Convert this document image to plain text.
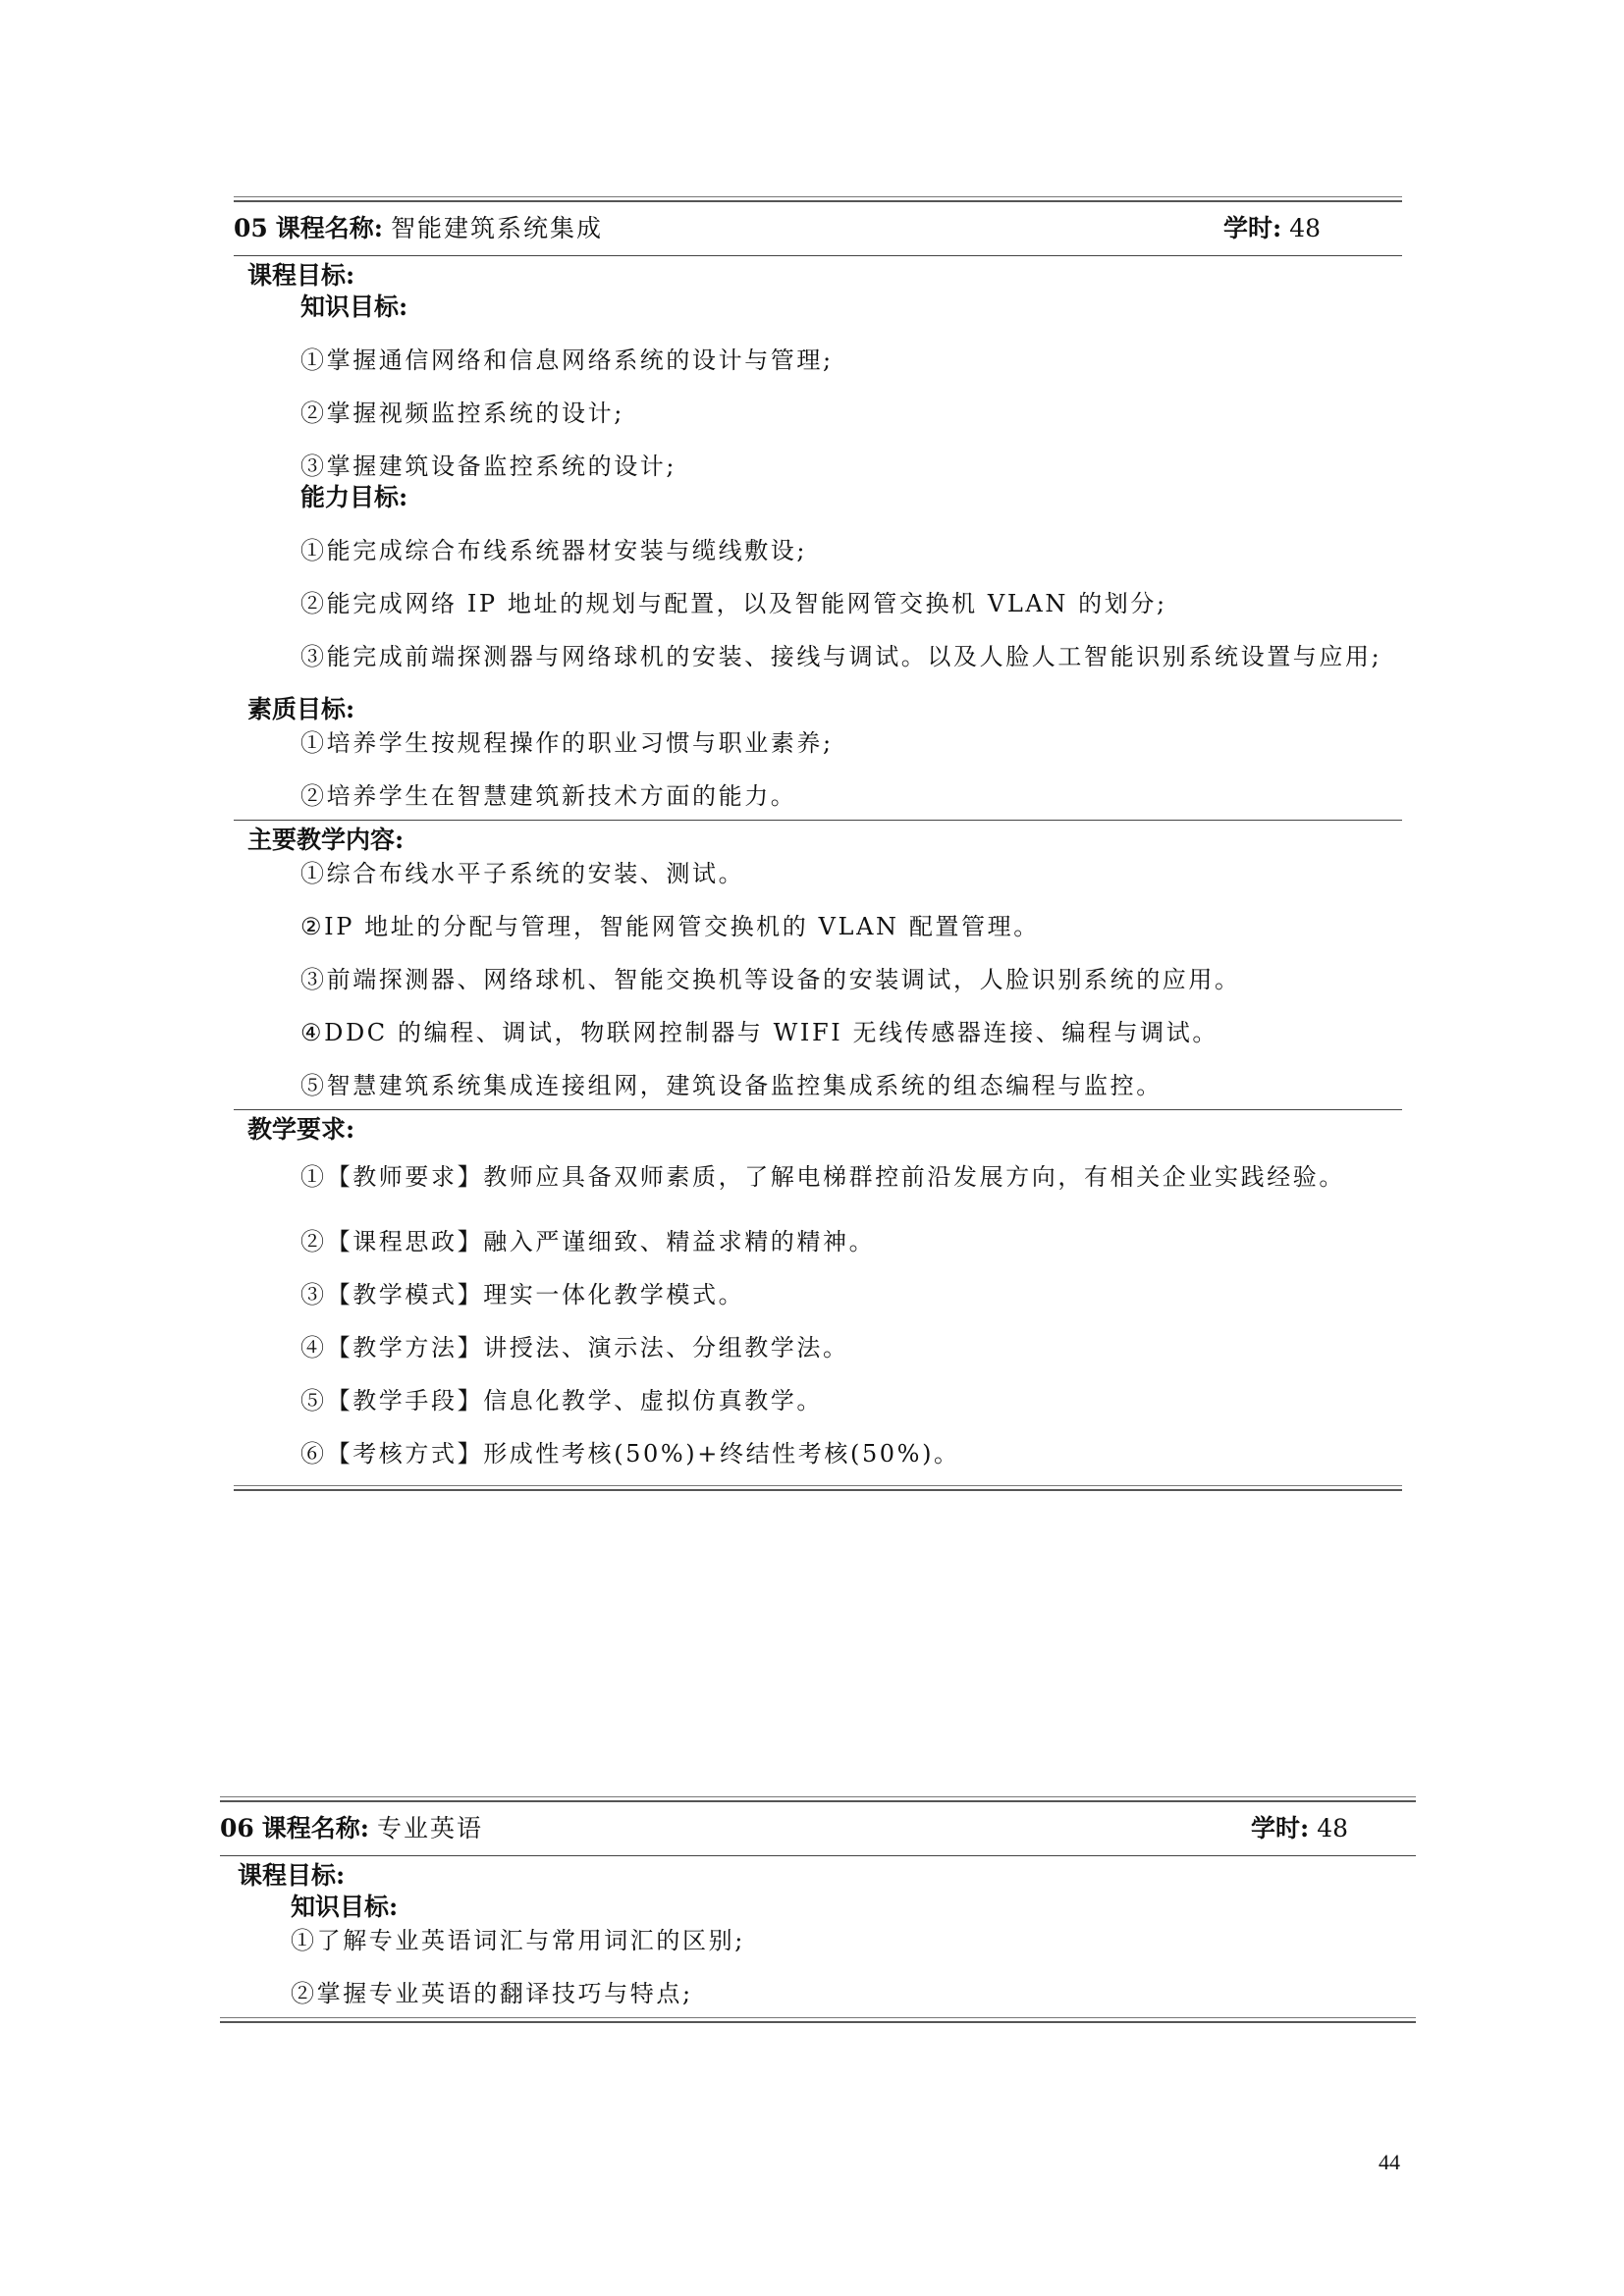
05 课程名称: 智能建筑系统集成	学时: 48
课程目标:
知识目标:
①掌握通信网络和信息网络系统的设计与管理;
②掌握视频监控系统的设计;
③掌握建筑设备监控系统的设计;
能力目标:
①能完成综合布线系统器材安装与缆线敷设;
②能完成网络 IP 地址的规划与配置，以及智能网管交换机 VLAN 的划分;
③能完成前端探测器与网络球机的安装、接线与调试。以及人脸人工智能识别系统设置与应用;
素质目标:
①培养学生按规程操作的职业习惯与职业素养;
②培养学生在智慧建筑新技术方面的能力。
主要教学内容:
①综合布线水平子系统的安装、测试。
②IP 地址的分配与管理，智能网管交换机的 VLAN 配置管理。
③前端探测器、网络球机、智能交换机等设备的安装调试，人脸识别系统的应用。
④DDC 的编程、调试，物联网控制器与 WIFI 无线传感器连接、编程与调试。
⑤智慧建筑系统集成连接组网，建筑设备监控集成系统的组态编程与监控。
教学要求:
①【教师要求】教师应具备双师素质，了解电梯群控前沿发展方向，有相关企业实践经验。
②【课程思政】融入严谨细致、精益求精的精神。
③【教学模式】理实一体化教学模式。
④【教学方法】讲授法、演示法、分组教学法。
⑤【教学手段】信息化教学、虚拟仿真教学。
⑥【考核方式】形成性考核(50%)+终结性考核(50%)。
06 课程名称: 专业英语	学时: 48
课程目标:
知识目标:
①了解专业英语词汇与常用词汇的区别;
②掌握专业英语的翻译技巧与特点;
44
